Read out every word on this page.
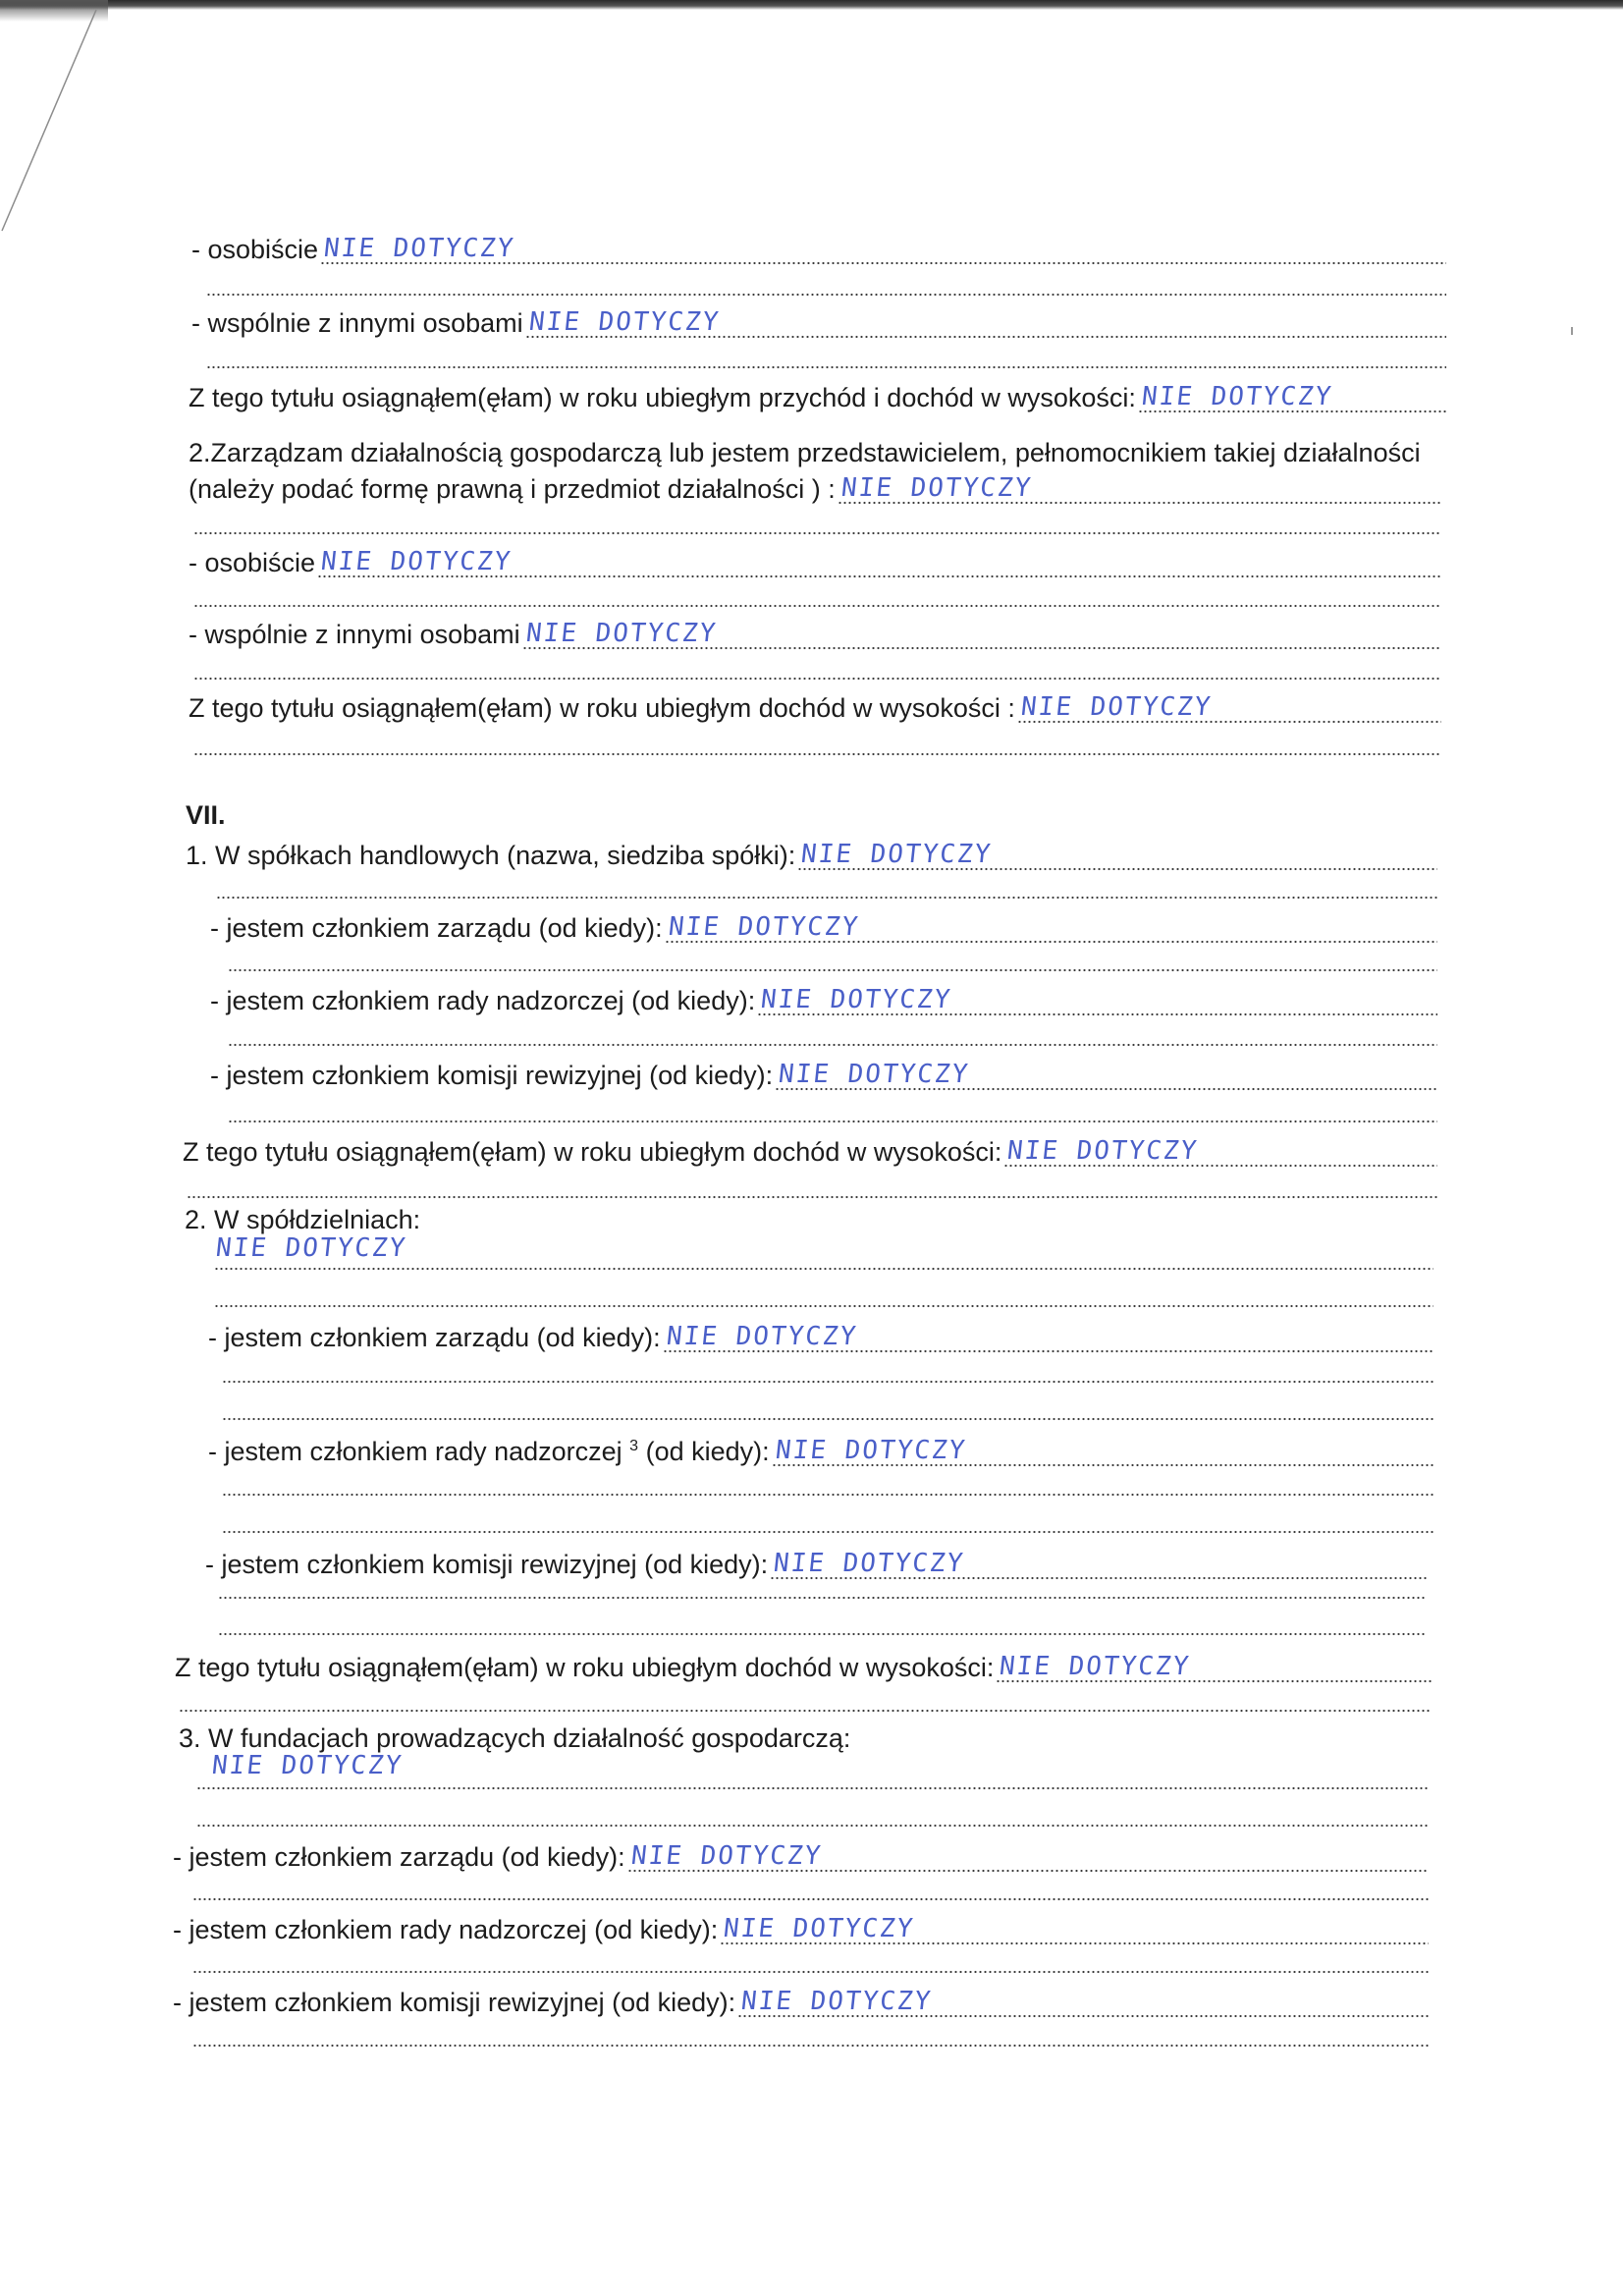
- osobiście NIE DOTYCZY
- wspólnie z innymi osobami NIE DOTYCZY
Z tego tytułu osiągnąłem(ęłam) w roku ubiegłym przychód i dochód w wysokości: NIE DOTYCZY
2.Zarządzam działalnością gospodarczą lub jestem przedstawicielem, pełnomocnikiem takiej działalności
(należy podać formę prawną i przedmiot działalności ) : NIE DOTYCZY
- osobiście NIE DOTYCZY
- wspólnie z innymi osobami NIE DOTYCZY
Z tego tytułu osiągnąłem(ęłam) w roku ubiegłym dochód w wysokości : NIE DOTYCZY
VII.
1. W spółkach handlowych (nazwa, siedziba spółki): NIE DOTYCZY
- jestem członkiem zarządu (od kiedy): NIE DOTYCZY
- jestem członkiem rady nadzorczej (od kiedy): NIE DOTYCZY
- jestem członkiem komisji rewizyjnej (od kiedy): NIE DOTYCZY
Z tego tytułu osiągnąłem(ęłam) w roku ubiegłym dochód w wysokości: NIE DOTYCZY
2. W spółdzielniach:
NIE DOTYCZY
- jestem członkiem zarządu (od kiedy): NIE DOTYCZY
- jestem członkiem rady nadzorczej $^3$ (od kiedy): NIE DOTYCZY
- jestem członkiem komisji rewizyjnej (od kiedy): NIE DOTYCZY
Z tego tytułu osiągnąłem(ęłam) w roku ubiegłym dochód w wysokości: NIE DOTYCZY
3. W fundacjach prowadzących działalność gospodarczą:
NIE DOTYCZY
- jestem członkiem zarządu (od kiedy): NIE DOTYCZY
- jestem członkiem rady nadzorczej (od kiedy): NIE DOTYCZY
- jestem członkiem komisji rewizyjnej (od kiedy): NIE DOTYCZY
